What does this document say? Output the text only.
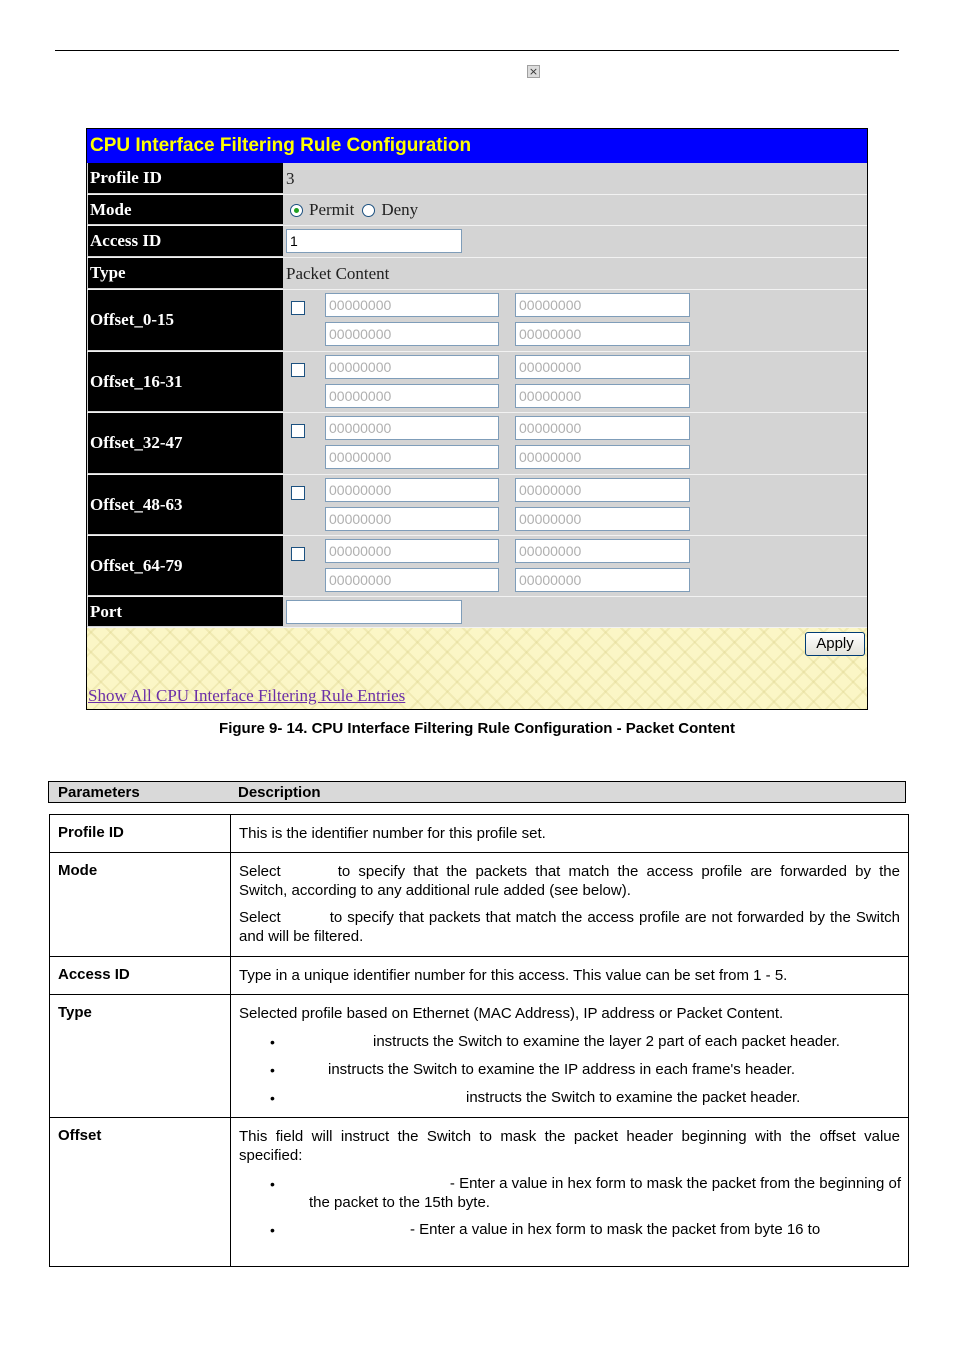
×
CPU Interface Filtering Rule Configuration
Profile ID	3
Mode	Permit Deny
Access ID	1
Type	Packet Content
Offset_0-15
00000000	00000000
00000000	00000000
Offset_16-31
00000000	00000000
00000000	00000000
Offset_32-47
00000000	00000000
00000000	00000000
Offset_48-63
00000000	00000000
00000000	00000000
Offset_64-79
00000000	00000000
00000000	00000000
Port
Apply
Show All CPU Interface Filtering Rule Entries
Figure 9- 14. CPU Interface Filtering Rule Configuration - Packet Content
Parameters	Description
Profile ID	This is the identifier number for this profile set.
Mode	Select	to specify that the packets that match the access profile are forwarded by the Switch, according to any additional rule added (see below).
Select	to specify that packets that match the access profile are not forwarded by the Switch and will be filtered.
Access ID	Type in a unique identifier number for this access. This value can be set from 1 - 5.
Type	Selected profile based on Ethernet (MAC Address), IP address or Packet Content.
•	instructs the Switch to examine the layer 2 part of each packet header.
•	instructs the Switch to examine the IP address in each frame's header.
•	instructs the Switch to examine the packet header.
Offset	This field will instruct the Switch to mask the packet header beginning with the offset value specified:
•	- Enter a value in hex form to mask the packet from the beginning of
the packet to the 15th byte.
•	- Enter a value in hex form to mask the packet from byte 16 to
